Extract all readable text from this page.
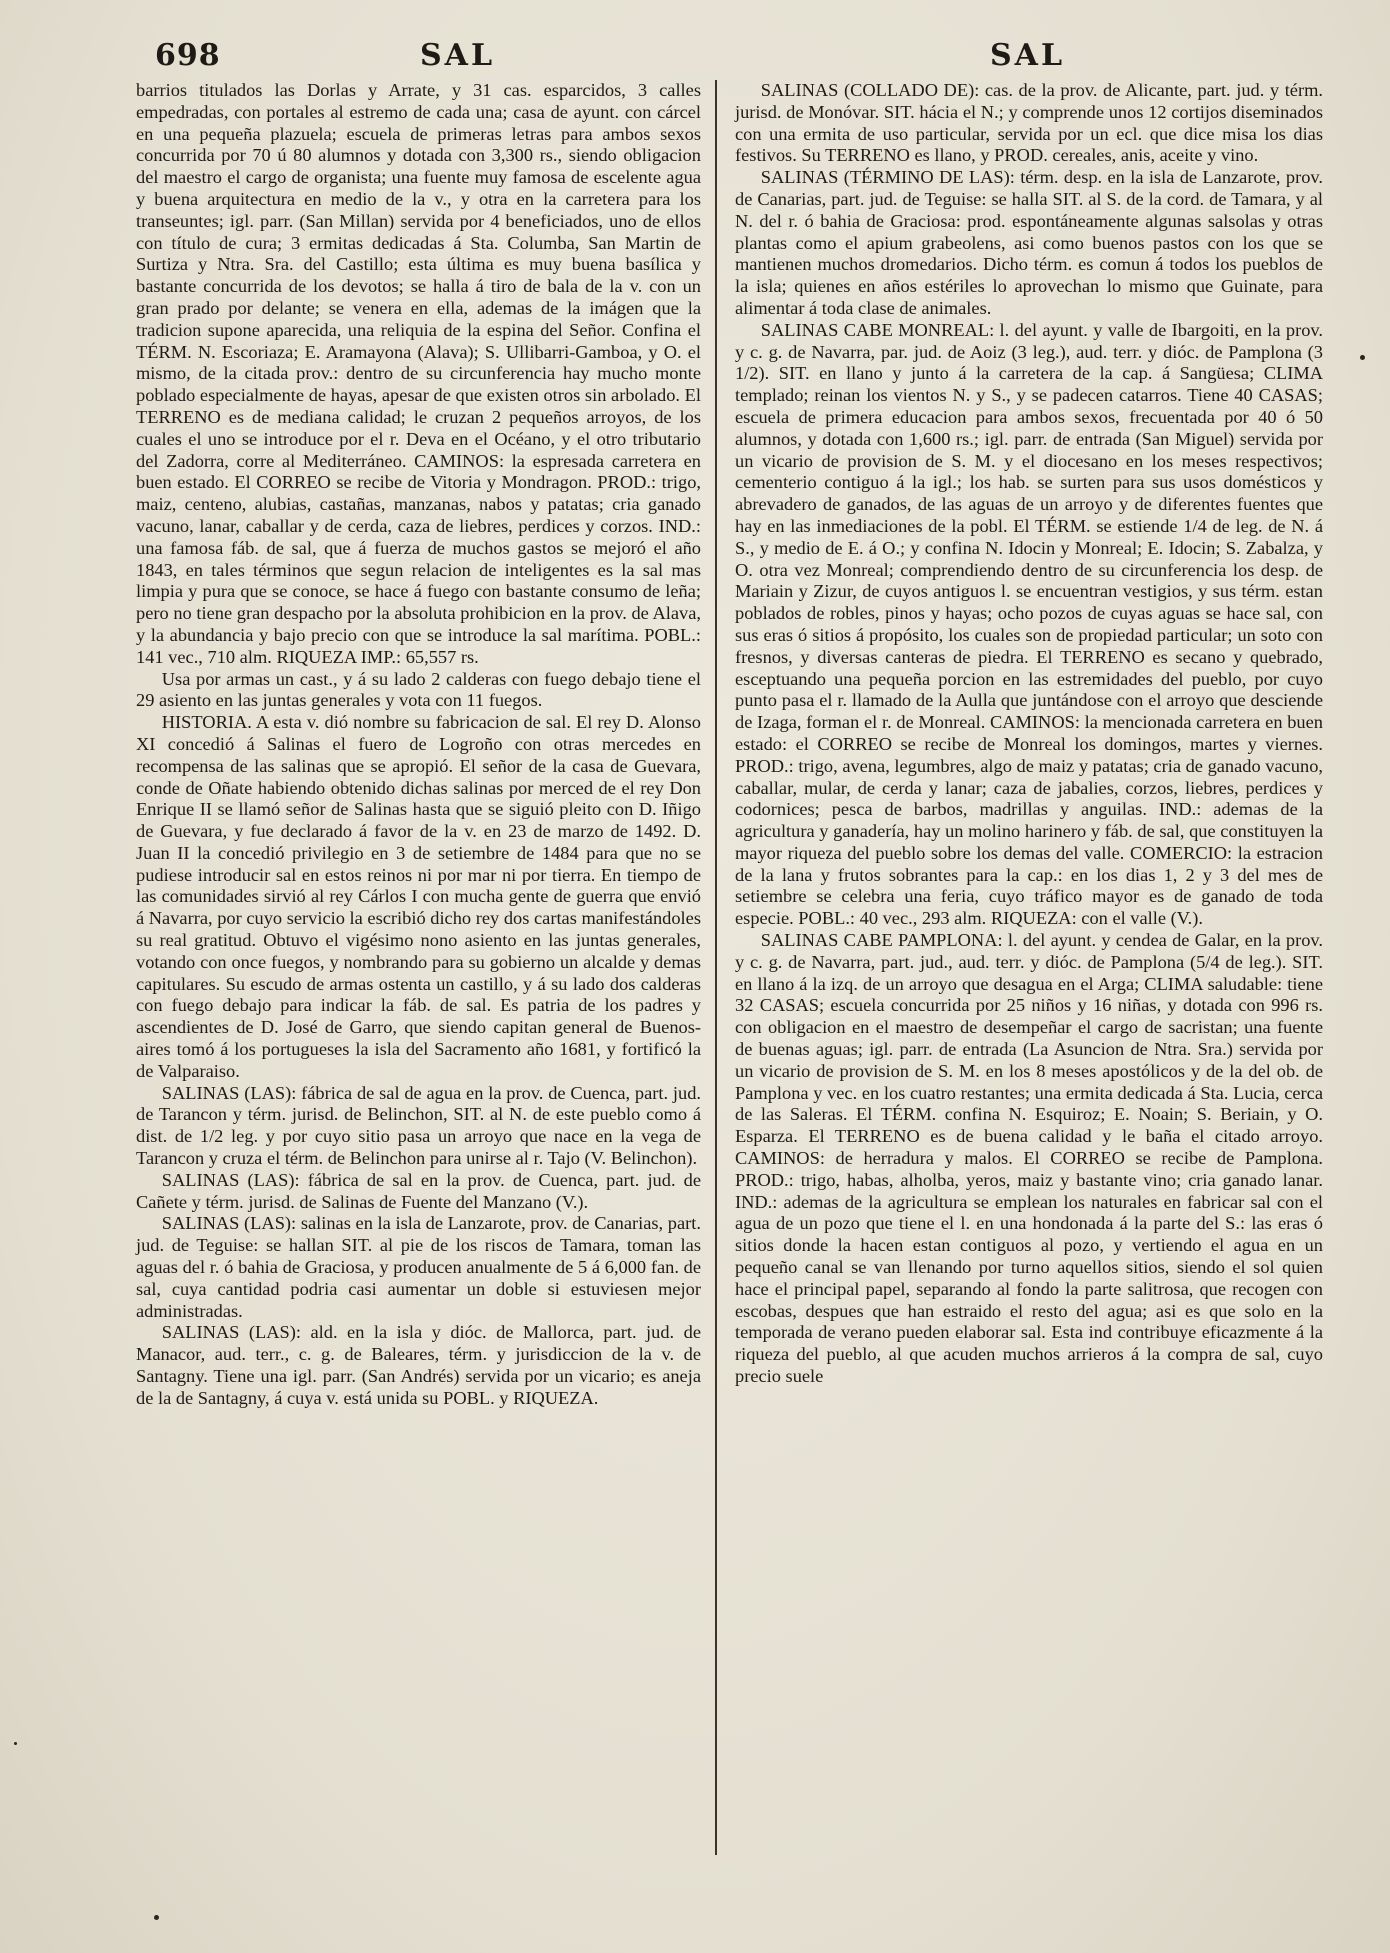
698	SAL	SAL

barrios titulados las Dorlas y Arrate, y 31 cas. esparcidos, 3 calles empedradas, con portales al estremo de cada una; casa de ayunt. con cárcel en una pequeña plazuela; escuela de primeras letras para ambos sexos concurrida por 70 ú 80 alumnos y dotada con 3,300 rs., siendo obligacion del maestro el cargo de organista; una fuente muy famosa de escelente agua y buena arquitectura en medio de la v., y otra en la carretera para los transeuntes; igl. parr. (San Millan) servida por 4 beneficiados, uno de ellos con título de cura; 3 ermitas dedicadas á Sta. Columba, San Martin de Surtiza y Ntra. Sra. del Castillo; esta última es muy buena basílica y bastante concurrida de los devotos; se halla á tiro de bala de la v. con un gran prado por delante; se venera en ella, ademas de la imágen que la tradicion supone aparecida, una reliquia de la espina del Señor. Confina el TÉRM. N. Escoriaza; E. Aramayona (Alava); S. Ullibarri-Gamboa, y O. el mismo, de la citada prov.: dentro de su circunferencia hay mucho monte poblado especialmente de hayas, apesar de que existen otros sin arbolado. El TERRENO es de mediana calidad; le cruzan 2 pequeños arroyos, de los cuales el uno se introduce por el r. Deva en el Océano, y el otro tributario del Zadorra, corre al Mediterráneo. CAMINOS: la espresada carretera en buen estado. El CORREO se recibe de Vitoria y Mondragon. PROD.: trigo, maiz, centeno, alubias, castañas, manzanas, nabos y patatas; cria ganado vacuno, lanar, caballar y de cerda, caza de liebres, perdices y corzos. IND.: una famosa fáb. de sal, que á fuerza de muchos gastos se mejoró el año 1843, en tales términos que segun relacion de inteligentes es la sal mas limpia y pura que se conoce, se hace á fuego con bastante consumo de leña; pero no tiene gran despacho por la absoluta prohibicion en la prov. de Alava, y la abundancia y bajo precio con que se introduce la sal marítima. POBL.: 141 vec., 710 alm. RIQUEZA IMP.: 65,557 rs.

Usa por armas un cast., y á su lado 2 calderas con fuego debajo tiene el 29 asiento en las juntas generales y vota con 11 fuegos.

HISTORIA. A esta v. dió nombre su fabricacion de sal. El rey D. Alonso XI concedió á Salinas el fuero de Logroño con otras mercedes en recompensa de las salinas que se apropió. El señor de la casa de Guevara, conde de Oñate habiendo obtenido dichas salinas por merced de el rey Don Enrique II se llamó señor de Salinas hasta que se siguió pleito con D. Iñigo de Guevara, y fue declarado á favor de la v. en 23 de marzo de 1492. D. Juan II la concedió privilegio en 3 de setiembre de 1484 para que no se pudiese introducir sal en estos reinos ni por mar ni por tierra. En tiempo de las comunidades sirvió al rey Cárlos I con mucha gente de guerra que envió á Navarra, por cuyo servicio la escribió dicho rey dos cartas manifestándoles su real gratitud. Obtuvo el vigésimo nono asiento en las juntas generales, votando con once fuegos, y nombrando para su gobierno un alcalde y demas capitulares. Su escudo de armas ostenta un castillo, y á su lado dos calderas con fuego debajo para indicar la fáb. de sal. Es patria de los padres y ascendientes de D. José de Garro, que siendo capitan general de Buenos-aires tomó á los portugueses la isla del Sacramento año 1681, y fortificó la de Valparaiso.

SALINAS (LAS): fábrica de sal de agua en la prov. de Cuenca, part. jud. de Tarancon y térm. jurisd. de Belinchon, SIT. al N. de este pueblo como á dist. de 1/2 leg. y por cuyo sitio pasa un arroyo que nace en la vega de Tarancon y cruza el térm. de Belinchon para unirse al r. Tajo (V. Belinchon).

SALINAS (LAS): fábrica de sal en la prov. de Cuenca, part. jud. de Cañete y térm. jurisd. de Salinas de Fuente del Manzano (V.).

SALINAS (LAS): salinas en la isla de Lanzarote, prov. de Canarias, part. jud. de Teguise: se hallan SIT. al pie de los riscos de Tamara, toman las aguas del r. ó bahia de Graciosa, y producen anualmente de 5 á 6,000 fan. de sal, cuya cantidad podria casi aumentar un doble si estuviesen mejor administradas.

SALINAS (LAS): ald. en la isla y dióc. de Mallorca, part. jud. de Manacor, aud. terr., c. g. de Baleares, térm. y jurisdiccion de la v. de Santagny. Tiene una igl. parr. (San Andrés) servida por un vicario; es aneja de la de Santagny, á cuya v. está unida su POBL. y RIQUEZA.

SALINAS (COLLADO DE): cas. de la prov. de Alicante, part. jud. y térm. jurisd. de Monóvar. SIT. hácia el N.; y comprende unos 12 cortijos diseminados con una ermita de uso particular, servida por un ecl. que dice misa los dias festivos. Su TERRENO es llano, y PROD. cereales, anis, aceite y vino.

SALINAS (TÉRMINO DE LAS): térm. desp. en la isla de Lanzarote, prov. de Canarias, part. jud. de Teguise: se halla SIT. al S. de la cord. de Tamara, y al N. del r. ó bahia de Graciosa: prod. espontáneamente algunas salsolas y otras plantas como el apium grabeolens, asi como buenos pastos con los que se mantienen muchos dromedarios. Dicho térm. es comun á todos los pueblos de la isla; quienes en años estériles lo aprovechan lo mismo que Guinate, para alimentar á toda clase de animales.

SALINAS CABE MONREAL: l. del ayunt. y valle de Ibargoiti, en la prov. y c. g. de Navarra, par. jud. de Aoiz (3 leg.), aud. terr. y dióc. de Pamplona (3 1/2). SIT. en llano y junto á la carretera de la cap. á Sangüesa; CLIMA templado; reinan los vientos N. y S., y se padecen catarros. Tiene 40 CASAS; escuela de primera educacion para ambos sexos, frecuentada por 40 ó 50 alumnos, y dotada con 1,600 rs.; igl. parr. de entrada (San Miguel) servida por un vicario de provision de S. M. y el diocesano en los meses respectivos; cementerio contiguo á la igl.; los hab. se surten para sus usos domésticos y abrevadero de ganados, de las aguas de un arroyo y de diferentes fuentes que hay en las inmediaciones de la pobl. El TÉRM. se estiende 1/4 de leg. de N. á S., y medio de E. á O.; y confina N. Idocin y Monreal; E. Idocin; S. Zabalza, y O. otra vez Monreal; comprendiendo dentro de su circunferencia los desp. de Mariain y Zizur, de cuyos antiguos l. se encuentran vestigios, y sus térm. estan poblados de robles, pinos y hayas; ocho pozos de cuyas aguas se hace sal, con sus eras ó sitios á propósito, los cuales son de propiedad particular; un soto con fresnos, y diversas canteras de piedra. El TERRENO es secano y quebrado, esceptuando una pequeña porcion en las estremidades del pueblo, por cuyo punto pasa el r. llamado de la Aulla que juntándose con el arroyo que desciende de Izaga, forman el r. de Monreal. CAMINOS: la mencionada carretera en buen estado: el CORREO se recibe de Monreal los domingos, martes y viernes. PROD.: trigo, avena, legumbres, algo de maiz y patatas; cria de ganado vacuno, caballar, mular, de cerda y lanar; caza de jabalies, corzos, liebres, perdices y codornices; pesca de barbos, madrillas y anguilas. IND.: ademas de la agricultura y ganadería, hay un molino harinero y fáb. de sal, que constituyen la mayor riqueza del pueblo sobre los demas del valle. COMERCIO: la estracion de la lana y frutos sobrantes para la cap.: en los dias 1, 2 y 3 del mes de setiembre se celebra una feria, cuyo tráfico mayor es de ganado de toda especie. POBL.: 40 vec., 293 alm. RIQUEZA: con el valle (V.).

SALINAS CABE PAMPLONA: l. del ayunt. y cendea de Galar, en la prov. y c. g. de Navarra, part. jud., aud. terr. y dióc. de Pamplona (5/4 de leg.). SIT. en llano á la izq. de un arroyo que desagua en el Arga; CLIMA saludable: tiene 32 CASAS; escuela concurrida por 25 niños y 16 niñas, y dotada con 996 rs. con obligacion en el maestro de desempeñar el cargo de sacristan; una fuente de buenas aguas; igl. parr. de entrada (La Asuncion de Ntra. Sra.) servida por un vicario de provision de S. M. en los 8 meses apostólicos y de la del ob. de Pamplona y vec. en los cuatro restantes; una ermita dedicada á Sta. Lucia, cerca de las Saleras. El TÉRM. confina N. Esquiroz; E. Noain; S. Beriain, y O. Esparza. El TERRENO es de buena calidad y le baña el citado arroyo. CAMINOS: de herradura y malos. El CORREO se recibe de Pamplona. PROD.: trigo, habas, alholba, yeros, maiz y bastante vino; cria ganado lanar. IND.: ademas de la agricultura se emplean los naturales en fabricar sal con el agua de un pozo que tiene el l. en una hondonada á la parte del S.: las eras ó sitios donde la hacen estan contiguos al pozo, y vertiendo el agua en un pequeño canal se van llenando por turno aquellos sitios, siendo el sol quien hace el principal papel, separando al fondo la parte salitrosa, que recogen con escobas, despues que han estraido el resto del agua; asi es que solo en la temporada de verano pueden elaborar sal. Esta ind contribuye eficazmente á la riqueza del pueblo, al que acuden muchos arrieros á la compra de sal, cuyo precio suele
